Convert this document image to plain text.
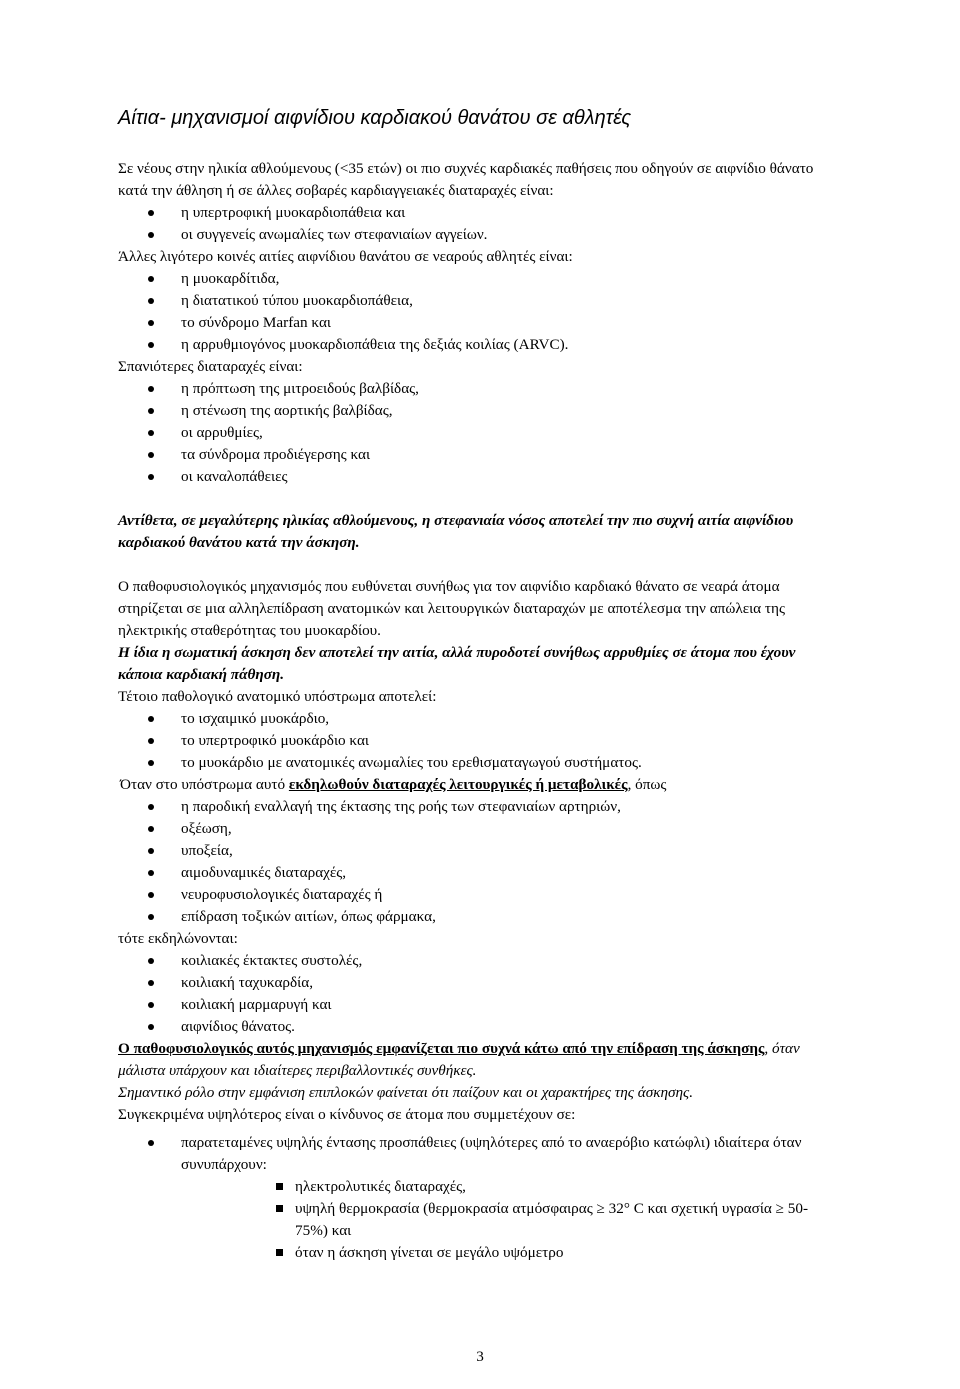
Αίτια- μηχανισμοί αιφνίδιου καρδιακού θανάτου σε αθλητές

Σε νέους στην ηλικία αθλούμενους (<35 ετών) οι πιο συχνές καρδιακές παθήσεις που οδηγούν σε αιφνίδιο θάνατο κατά την άθληση ή σε άλλες σοβαρές καρδιαγγειακές διαταραχές είναι:

η υπερτροφική μυοκαρδιοπάθεια και
οι συγγενείς ανωμαλίες των στεφανιαίων αγγείων.

Άλλες λιγότερο κοινές αιτίες αιφνίδιου θανάτου σε νεαρούς αθλητές είναι:

η μυοκαρδίτιδα,
η διατατικού τύπου μυοκαρδιοπάθεια,
το σύνδρομο Marfan και
η αρρυθμιογόνος μυοκαρδιοπάθεια της δεξιάς κοιλίας (ARVC).

Σπανιότερες διαταραχές είναι:

η πρόπτωση της μιτροειδούς βαλβίδας,
η στένωση της αορτικής βαλβίδας,
οι αρρυθμίες,
τα σύνδρομα προδιέγερσης και
οι καναλοπάθειες

Αντίθετα, σε μεγαλύτερης ηλικίας αθλούμενους, η στεφανιαία νόσος αποτελεί την πιο συχνή αιτία αιφνίδιου καρδιακού θανάτου κατά την άσκηση.

Ο παθοφυσιολογικός μηχανισμός που ευθύνεται συνήθως για τον αιφνίδιο καρδιακό θάνατο σε νεαρά άτομα στηρίζεται σε μια αλληλεπίδραση ανατομικών και λειτουργικών διαταραχών με αποτέλεσμα την απώλεια της ηλεκτρικής σταθερότητας του μυοκαρδίου.

Η ίδια η σωματική άσκηση δεν αποτελεί την αιτία, αλλά πυροδοτεί συνήθως αρρυθμίες σε άτομα που έχουν κάποια καρδιακή πάθηση.

Τέτοιο παθολογικό ανατομικό υπόστρωμα αποτελεί:

το ισχαιμικό μυοκάρδιο,
το υπερτροφικό μυοκάρδιο και
το μυοκάρδιο με ανατομικές ανωμαλίες του ερεθισματαγωγού συστήματος.

Όταν στο υπόστρωμα αυτό εκδηλωθούν διαταραχές λειτουργικές ή μεταβολικές, όπως

η παροδική εναλλαγή της έκτασης της ροής των στεφανιαίων αρτηριών,
οξέωση,
υποξεία,
αιμοδυναμικές διαταραχές,
νευροφυσιολογικές διαταραχές ή
επίδραση τοξικών αιτίων, όπως φάρμακα,

τότε εκδηλώνονται:

κοιλιακές έκτακτες συστολές,
κοιλιακή ταχυκαρδία,
κοιλιακή μαρμαρυγή και
αιφνίδιος θάνατος.

Ο παθοφυσιολογικός αυτός μηχανισμός εμφανίζεται πιο συχνά κάτω από την επίδραση της άσκησης, όταν μάλιστα υπάρχουν και ιδιαίτερες περιβαλλοντικές συνθήκες.

Σημαντικό ρόλο στην εμφάνιση επιπλοκών φαίνεται ότι παίζουν και οι χαρακτήρες της άσκησης.

Συγκεκριμένα υψηλότερος είναι ο κίνδυνος σε άτομα που συμμετέχουν σε:

παρατεταμένες υψηλής έντασης προσπάθειες (υψηλότερες από το αναερόβιο κατώφλι) ιδιαίτερα όταν συνυπάρχουν:
ηλεκτρολυτικές διαταραχές,
υψηλή θερμοκρασία (θερμοκρασία ατμόσφαιρας ≥ 32° C και σχετική υγρασία ≥ 50-75%) και
όταν η άσκηση γίνεται σε μεγάλο υψόμετρο
3
